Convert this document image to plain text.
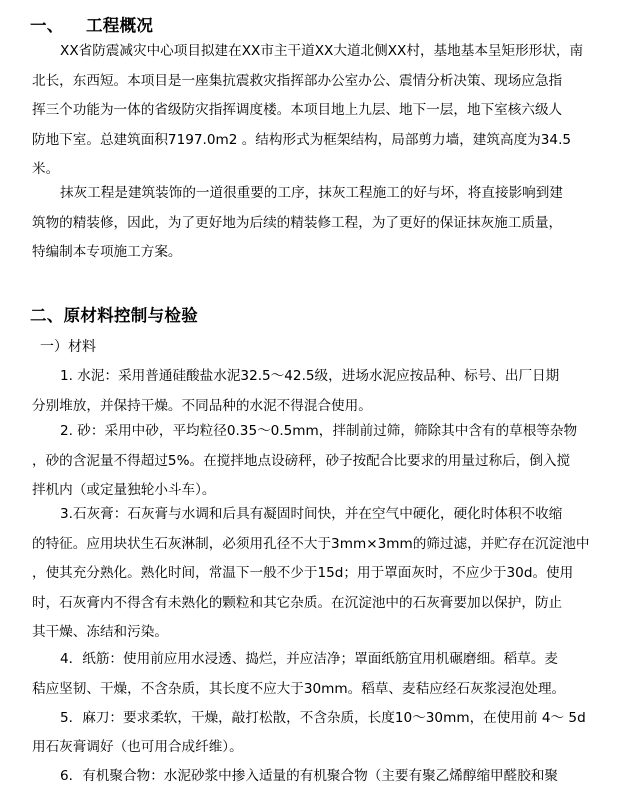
一、 工程概况
XX省防震减灾中心项目拟建在XX市主干道XX大道北侧XX村，基地基本呈矩形形状，南
北长，东西短。本项目是一座集抗震救灾指挥部办公室办公、震情分析决策、现场应急指
挥三个功能为一体的省级防灾指挥调度楼。本项目地上九层、地下一层，地下室核六级人
防地下室。总建筑面积7197.0m2 。结构形式为框架结构，局部剪力墙，建筑高度为34.5
米。
抹灰工程是建筑装饰的一道很重要的工序，抹灰工程施工的好与坏，将直接影响到建
筑物的精装修，因此，为了更好地为后续的精装修工程，为了更好的保证抹灰施工质量，
特编制本专项施工方案。
二、原材料控制与检验
一）材料
1. 水泥：采用普通硅酸盐水泥32.5～42.5级，进场水泥应按品种、标号、出厂日期
分别堆放，并保持干燥。不同品种的水泥不得混合使用。
2. 砂：采用中砂，平均粒径0.35～0.5mm，拌制前过筛，筛除其中含有的草根等杂物
，砂的含泥量不得超过5%。在搅拌地点设磅秤，砂子按配合比要求的用量过称后，倒入搅
拌机内（或定量独轮小斗车）。
3.石灰膏：石灰膏与水调和后具有凝固时间快，并在空气中硬化，硬化时体积不收缩
的特征。应用块状生石灰淋制，必须用孔径不大于3mm×3mm的筛过滤，并贮存在沉淀池中
，使其充分熟化。熟化时间，常温下一般不少于15d；用于罩面灰时，不应少于30d。使用
时，石灰膏内不得含有未熟化的颗粒和其它杂质。在沉淀池中的石灰膏要加以保护，防止
其干燥、冻结和污染。
4．纸筋：使用前应用水浸透、捣烂，并应洁净；罩面纸筋宜用机碾磨细。稻草。麦
秸应坚韧、干燥，不含杂质，其长度不应大于30mm。稻草、麦秸应经石灰浆浸泡处理。
5．麻刀：要求柔软，干燥，敲打松散，不含杂质，长度10～30mm，在使用前 4～ 5d
用石灰膏调好（也可用合成纤维）。
6．有机聚合物：水泥砂浆中掺入适量的有机聚合物（主要有聚乙烯醇缩甲醛胶和聚
